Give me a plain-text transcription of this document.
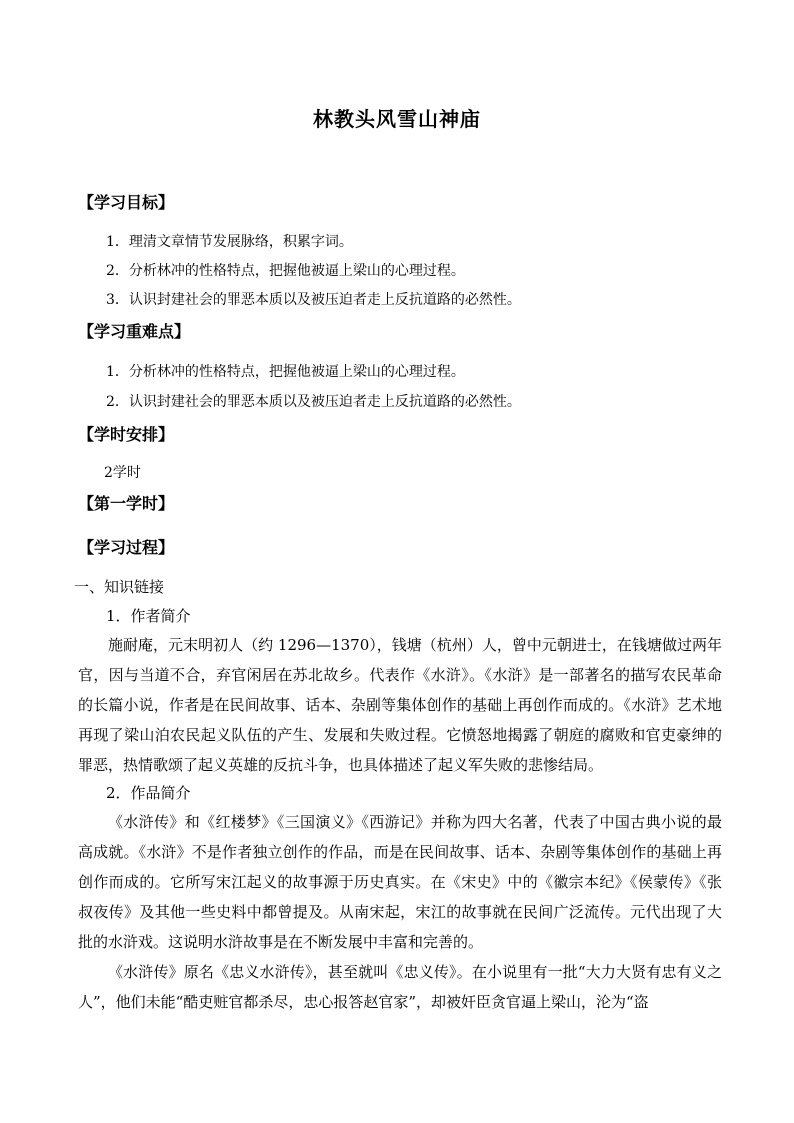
林教头风雪山神庙
【学习目标】
1．理清文章情节发展脉络，积累字词。
2．分析林冲的性格特点，把握他被逼上梁山的心理过程。
3．认识封建社会的罪恶本质以及被压迫者走上反抗道路的必然性。
【学习重难点】
1．分析林冲的性格特点，把握他被逼上梁山的心理过程。
2．认识封建社会的罪恶本质以及被压迫者走上反抗道路的必然性。
【学时安排】
2学时
【第一学时】
【学习过程】
一、知识链接
1．作者简介
施耐庵，元末明初人（约 1296—1370），钱塘（杭州）人，曾中元朝进士，在钱塘做过两年官，因与当道不合，弃官闲居在苏北故乡。代表作《水浒》。《水浒》是一部著名的描写农民革命的长篇小说，作者是在民间故事、话本、杂剧等集体创作的基础上再创作而成的。《水浒》艺术地再现了梁山泊农民起义队伍的产生、发展和失败过程。它愤怒地揭露了朝庭的腐败和官吏豪绅的罪恶，热情歌颂了起义英雄的反抗斗争，也具体描述了起义军失败的悲惨结局。
2．作品简介
《水浒传》和《红楼梦》《三国演义》《西游记》并称为四大名著，代表了中国古典小说的最高成就。《水浒》不是作者独立创作的作品，而是在民间故事、话本、杂剧等集体创作的基础上再创作而成的。它所写宋江起义的故事源于历史真实。在《宋史》中的《徽宗本纪》《侯蒙传》《张叔夜传》及其他一些史料中都曾提及。从南宋起，宋江的故事就在民间广泛流传。元代出现了大批的水浒戏。这说明水浒故事是在不断发展中丰富和完善的。
《水浒传》原名《忠义水浒传》，甚至就叫《忠义传》。在小说里有一批“大力大贤有忠有义之人”，他们未能“酷吏赃官都杀尽，忠心报答赵官家”，却被奸臣贪官逼上梁山，沦为“盗
